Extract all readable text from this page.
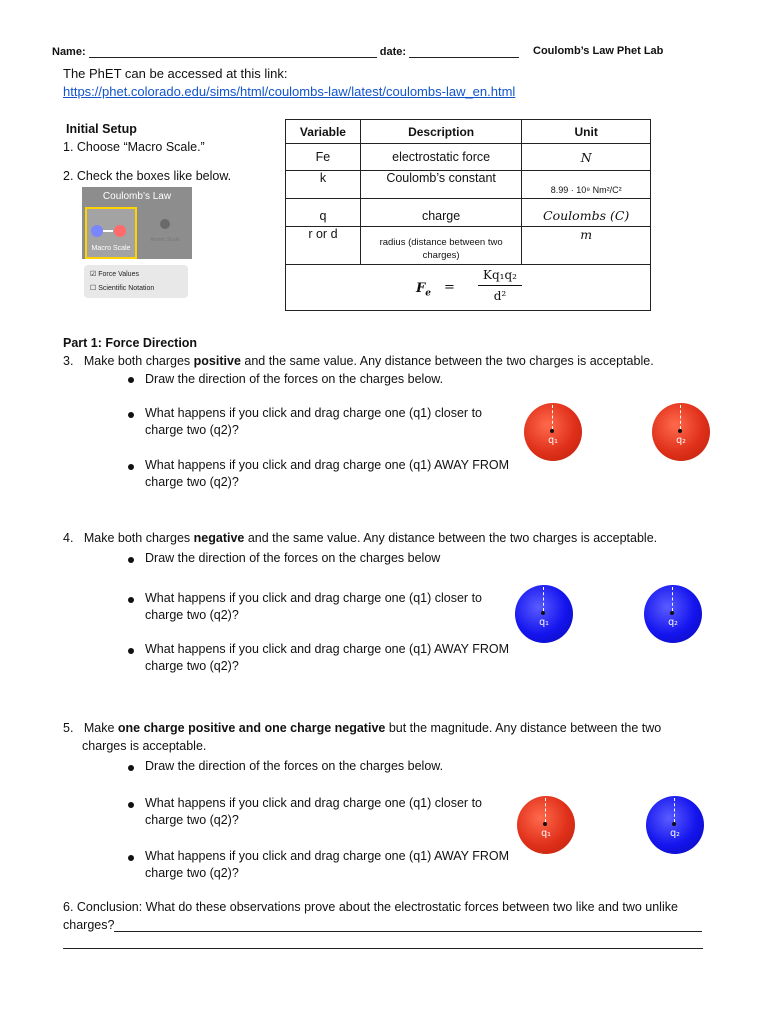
Name:	date:	Coulomb’s Law Phet Lab
The PhET can be accessed at this link:
https://phet.colorado.edu/sims/html/coulombs-law/latest/coulombs-law_en.html
Initial Setup
1. Choose “Macro Scale.”
2. Check the boxes like below.
Coulomb’s Law
Macro Scale
Atomic Scale
☑ Force Values
☐ Scientific Notation
Variable	Description	Unit
Fe	electrostatic force	N
k	Coulomb’s constant	8.99 · 10⁹ Nm²/C²
q	charge	Coulombs (C)
r or d	radius (distance between two charges)	m

$F_e$ =
Kq₁q₂
d²		
Part 1: Force Direction
3. Make both charges positive and the same value. Any distance between the two charges is acceptable.
Draw the direction of the forces on the charges below.
What happens if you click and drag charge one (q1) closer to charge two (q2)?
What happens if you click and drag charge one (q1) AWAY FROM charge two (q2)?
q₁	q₂
4. Make both charges negative and the same value. Any distance between the two charges is acceptable.
Draw the direction of the forces on the charges below
What happens if you click and drag charge one (q1) closer to charge two (q2)?
What happens if you click and drag charge one (q1) AWAY FROM charge two (q2)?
q₁	q₂
5. Make one charge positive and one charge negative but the magnitude. Any distance between the two
charges is acceptable.
Draw the direction of the forces on the charges below.
What happens if you click and drag charge one (q1) closer to charge two (q2)?
What happens if you click and drag charge one (q1) AWAY FROM charge two (q2)?
q₁	q₂
6. Conclusion: What do these observations prove about the electrostatic forces between two like and two unlike
charges?
